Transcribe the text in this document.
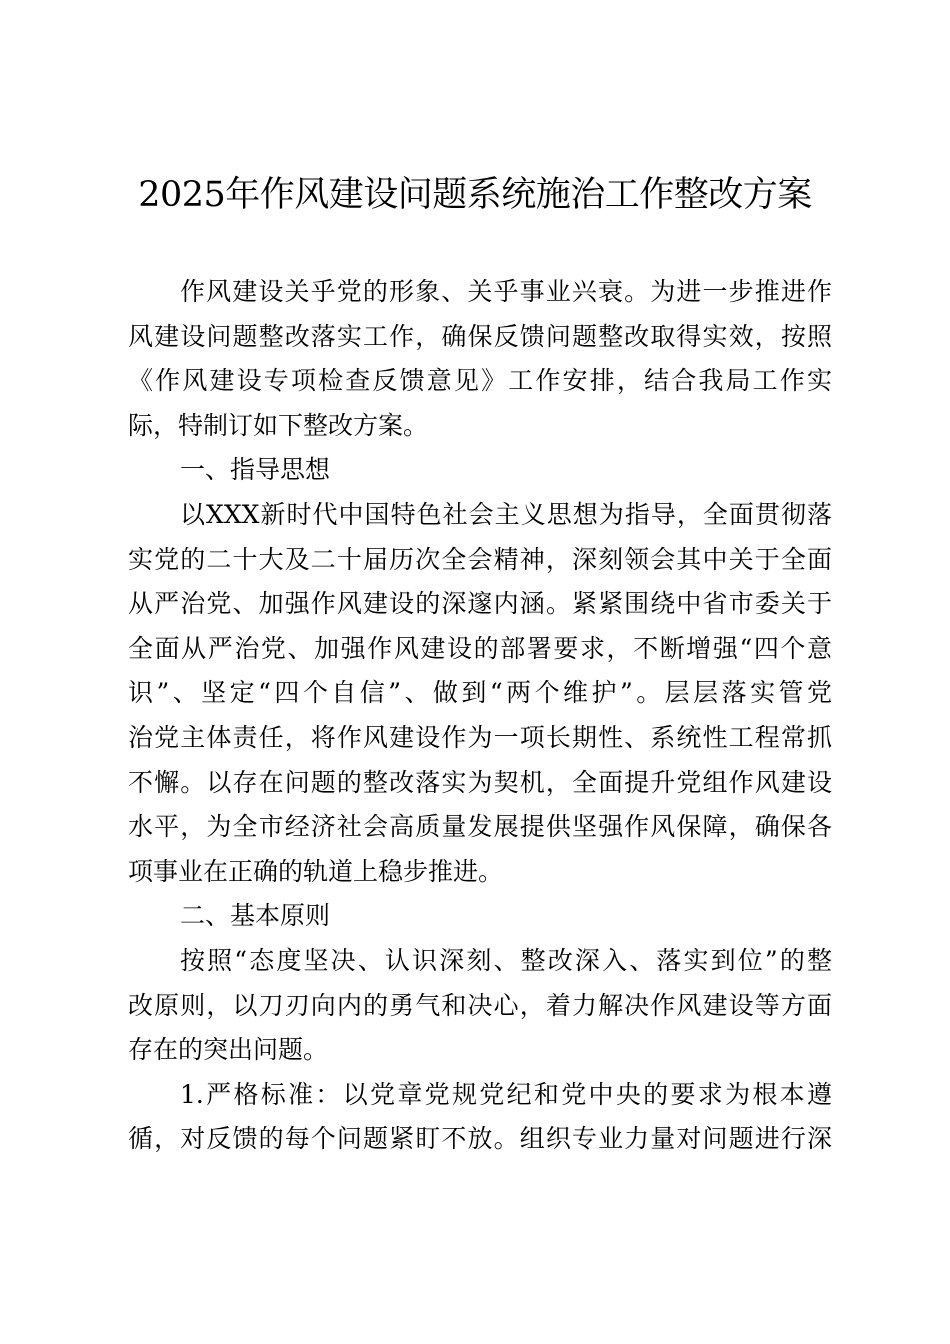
2025年作风建设问题系统施治工作整改方案
作风建设关乎党的形象、关乎事业兴衰。为进一步推进作
风建设问题整改落实工作，确保反馈问题整改取得实效，按照
《作风建设专项检查反馈意见》工作安排，结合我局工作实
际，特制订如下整改方案。
一、指导思想
以XXX新时代中国特色社会主义思想为指导，全面贯彻落
实党的二十大及二十届历次全会精神，深刻领会其中关于全面
从严治党、加强作风建设的深邃内涵。紧紧围绕中省市委关于
全面从严治党、加强作风建设的部署要求，不断增强“四个意
识”、坚定“四个自信”、做到“两个维护”。层层落实管党
治党主体责任，将作风建设作为一项长期性、系统性工程常抓
不懈。以存在问题的整改落实为契机，全面提升党组作风建设
水平，为全市经济社会高质量发展提供坚强作风保障，确保各
项事业在正确的轨道上稳步推进。
二、基本原则
按照“态度坚决、认识深刻、整改深入、落实到位”的整
改原则，以刀刃向内的勇气和决心，着力解决作风建设等方面
存在的突出问题。
1.严格标准：以党章党规党纪和党中央的要求为根本遵
循，对反馈的每个问题紧盯不放。组织专业力量对问题进行深
